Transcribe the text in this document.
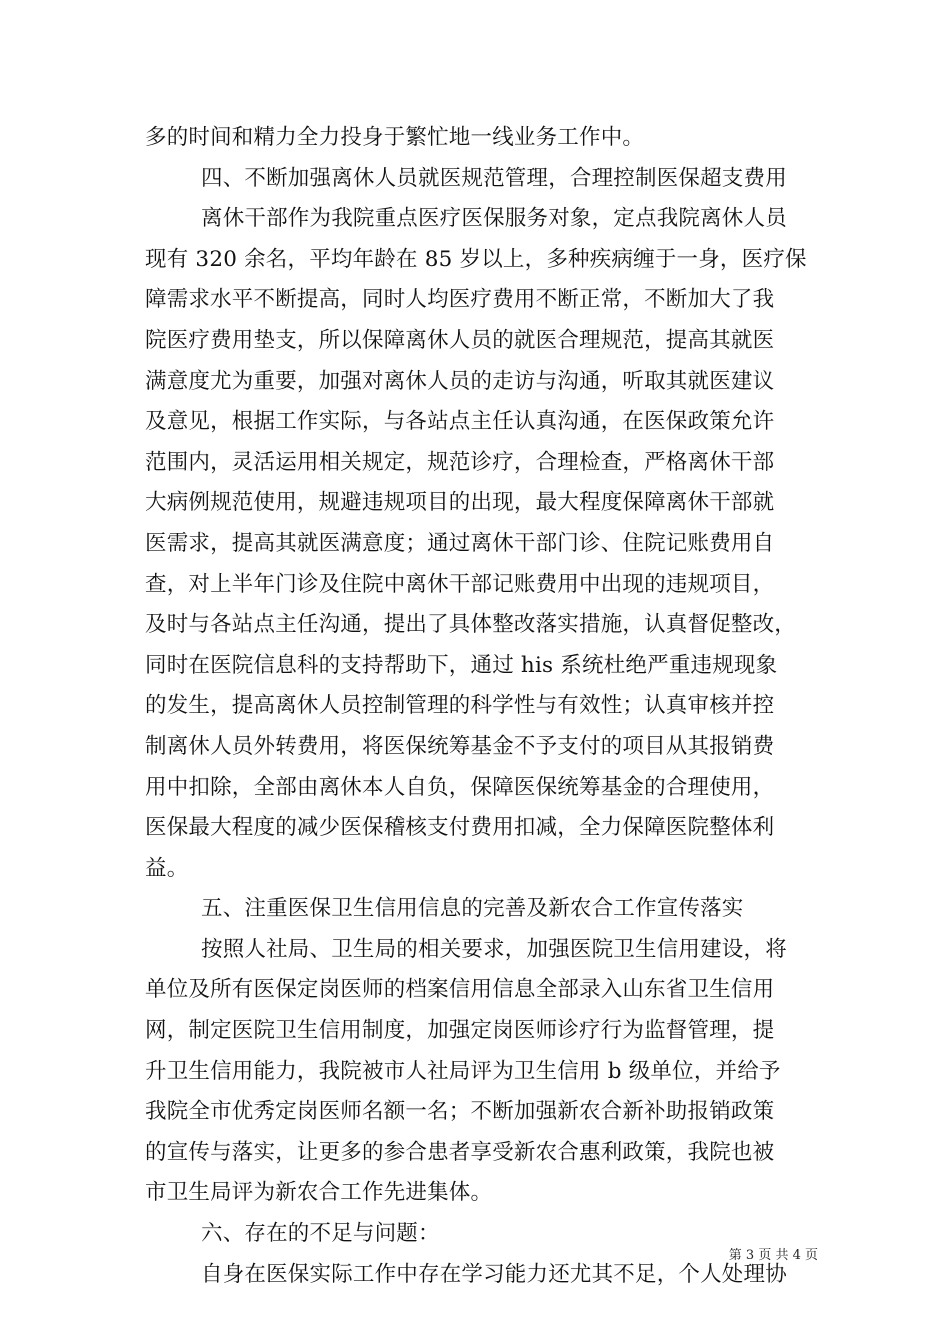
多的时间和精力全力投身于繁忙地一线业务工作中。
四、不断加强离休人员就医规范管理，合理控制医保超支费用
离休干部作为我院重点医疗医保服务对象，定点我院离休人员
现有 320 余名，平均年龄在 85 岁以上，多种疾病缠于一身，医疗保
障需求水平不断提高，同时人均医疗费用不断正常，不断加大了我
院医疗费用垫支，所以保障离休人员的就医合理规范，提高其就医
满意度尤为重要，加强对离休人员的走访与沟通，听取其就医建议
及意见，根据工作实际，与各站点主任认真沟通，在医保政策允许
范围内，灵活运用相关规定，规范诊疗，合理检查，严格离休干部
大病例规范使用，规避违规项目的出现，最大程度保障离休干部就
医需求，提高其就医满意度；通过离休干部门诊、住院记账费用自
查，对上半年门诊及住院中离休干部记账费用中出现的违规项目，
及时与各站点主任沟通，提出了具体整改落实措施，认真督促整改，
同时在医院信息科的支持帮助下，通过 his 系统杜绝严重违规现象
的发生，提高离休人员控制管理的科学性与有效性；认真审核并控
制离休人员外转费用，将医保统筹基金不予支付的项目从其报销费
用中扣除，全部由离休本人自负，保障医保统筹基金的合理使用，
医保最大程度的减少医保稽核支付费用扣减，全力保障医院整体利
益。
五、注重医保卫生信用信息的完善及新农合工作宣传落实
按照人社局、卫生局的相关要求，加强医院卫生信用建设，将
单位及所有医保定岗医师的档案信用信息全部录入山东省卫生信用
网，制定医院卫生信用制度，加强定岗医师诊疗行为监督管理，提
升卫生信用能力，我院被市人社局评为卫生信用 b 级单位，并给予
我院全市优秀定岗医师名额一名；不断加强新农合新补助报销政策
的宣传与落实，让更多的参合患者享受新农合惠利政策，我院也被
市卫生局评为新农合工作先进集体。
六、存在的不足与问题：
自身在医保实际工作中存在学习能力还尤其不足，个人处理协
第 3 页 共 4 页
